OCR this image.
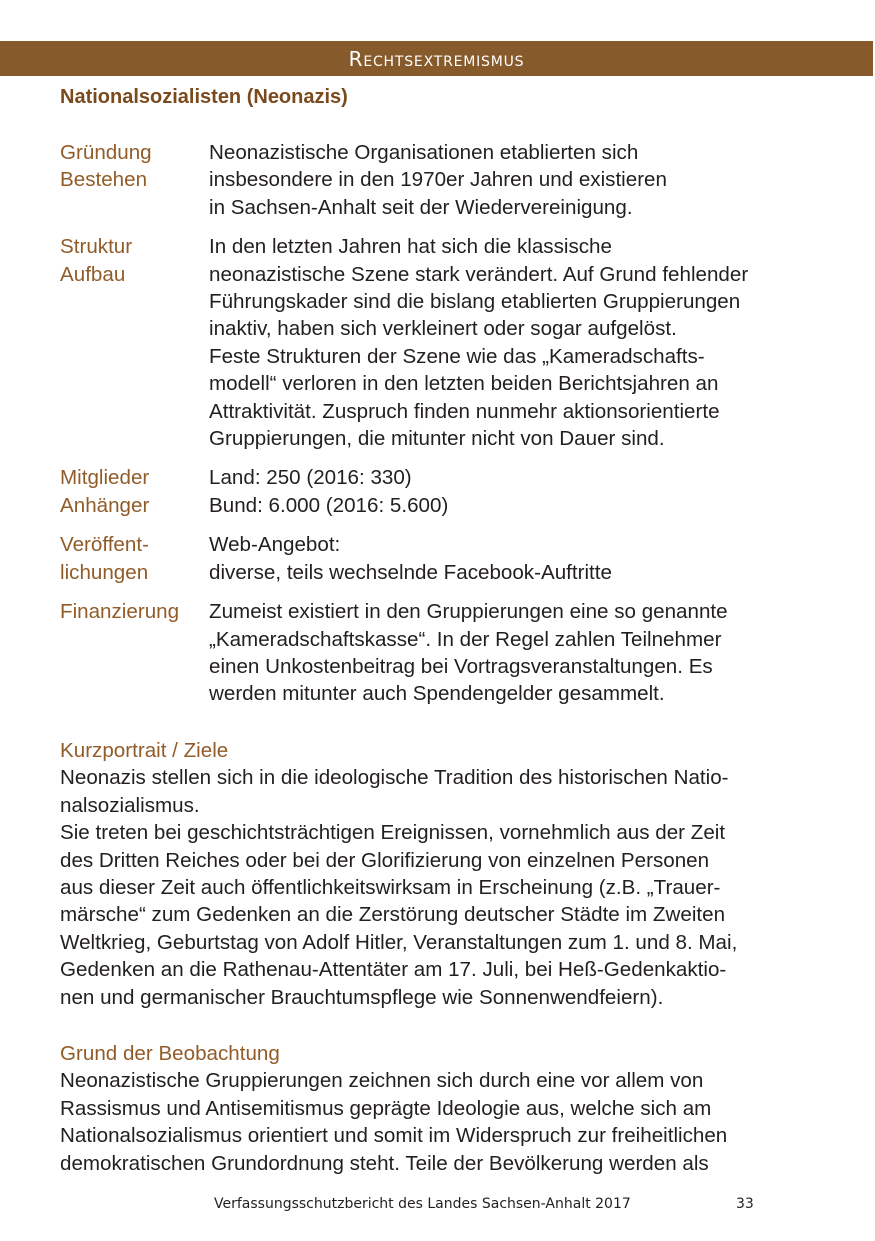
Rechtsextremismus
Nationalsozialisten (Neonazis)
Gründung
Bestehen
Neonazistische Organisationen etablierten sich
insbesondere in den 1970er Jahren und existieren
in Sachsen-Anhalt seit der Wiedervereinigung.
Struktur
Aufbau
In den letzten Jahren hat sich die klassische
neonazistische Szene stark verändert. Auf Grund fehlender
Führungskader sind die bislang etablierten Gruppierungen
inaktiv, haben sich verkleinert oder sogar aufgelöst.
Feste Strukturen der Szene wie das „Kameradschafts-
modell“ verloren in den letzten beiden Berichtsjahren an
Attraktivität. Zuspruch finden nunmehr aktionsorientierte
Gruppierungen, die mitunter nicht von Dauer sind.
Mitglieder
Anhänger
Land: 250 (2016: 330)
Bund: 6.000 (2016: 5.600)
Veröffent-
lichungen
Web-Angebot:
diverse, teils wechselnde Facebook-Auftritte
Finanzierung	Zumeist existiert in den Gruppierungen eine so genannte
„Kameradschaftskasse“. In der Regel zahlen Teilnehmer
einen Unkostenbeitrag bei Vortragsveranstaltungen. Es
werden mitunter auch Spendengelder gesammelt.
Kurzportrait / Ziele
Neonazis stellen sich in die ideologische Tradition des historischen Natio-
nalsozialismus.
Sie treten bei geschichtsträchtigen Ereignissen, vornehmlich aus der Zeit
des Dritten Reiches oder bei der Glorifizierung von einzelnen Personen
aus dieser Zeit auch öffentlichkeitswirksam in Erscheinung (z.B. „Trauer-
märsche“ zum Gedenken an die Zerstörung deutscher Städte im Zweiten
Weltkrieg, Geburtstag von Adolf Hitler, Veranstaltungen zum 1. und 8. Mai,
Gedenken an die Rathenau-Attentäter am 17. Juli, bei Heß-Gedenkaktio-
nen und germanischer Brauchtumspflege wie Sonnenwendfeiern).
Grund der Beobachtung
Neonazistische Gruppierungen zeichnen sich durch eine vor allem von
Rassismus und Antisemitismus geprägte Ideologie aus, welche sich am
Nationalsozialismus orientiert und somit im Widerspruch zur freiheitlichen
demokratischen Grundordnung steht. Teile der Bevölkerung werden als
Verfassungsschutzbericht des Landes Sachsen-Anhalt 2017	33
